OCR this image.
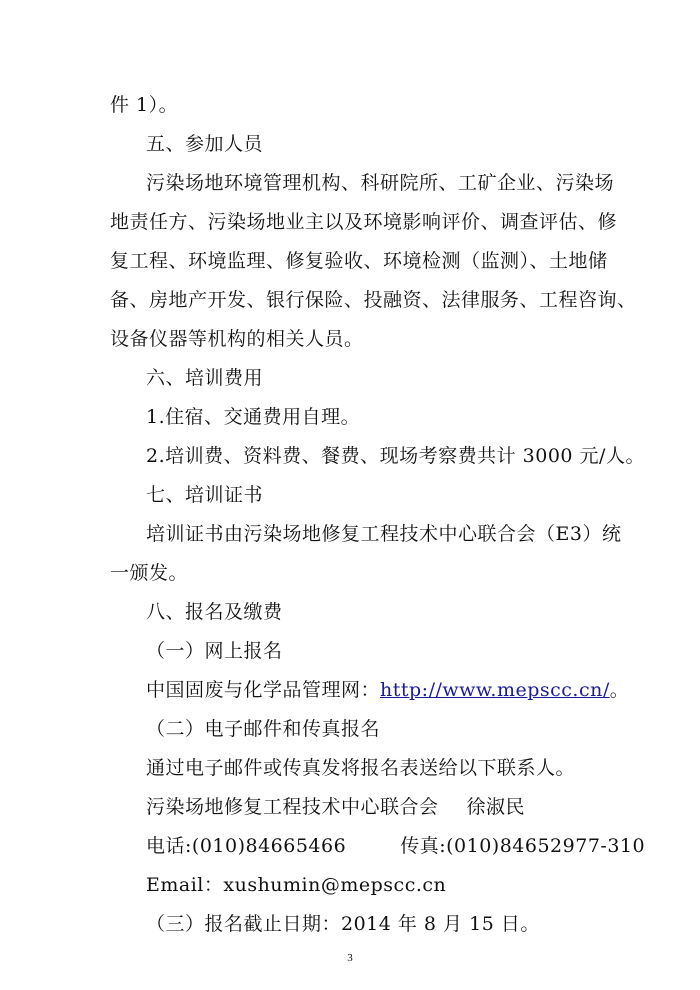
件 1）。
五、参加人员
污染场地环境管理机构、科研院所、工矿企业、污染场
地责任方、污染场地业主以及环境影响评价、调查评估、修
复工程、环境监理、修复验收、环境检测（监测）、土地储
备、房地产开发、银行保险、投融资、法律服务、工程咨询、
设备仪器等机构的相关人员。
六、培训费用
1.住宿、交通费用自理。
2.培训费、资料费、餐费、现场考察费共计 3000 元/人。
七、培训证书
培训证书由污染场地修复工程技术中心联合会（E3）统
一颁发。
八、报名及缴费
（一）网上报名
中国固废与化学品管理网：http://www.mepscc.cn/。
（二）电子邮件和传真报名
通过电子邮件或传真发将报名表送给以下联系人。
污染场地修复工程技术中心联合会 徐淑民
电话:(010)84665466	传真:(010)84652977-310
Email：xushumin@mepscc.cn
（三）报名截止日期：2014 年 8 月 15 日。
3
